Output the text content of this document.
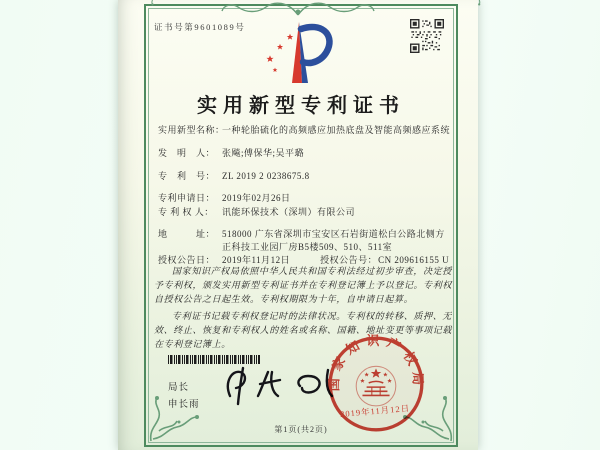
证书号第9601089号
实用新型专利证书
实用新型名称：
一种轮胎硫化的高频感应加热底盘及智能高频感应系统
发　明　人： 张飚;傅保华;吴平璐
专　利　号： ZL 2019 2 0238675.8
专利申请日： 2019年02月26日
专 利 权 人： 讯能环保技术（深圳）有限公司
地　　　址： 518000 广东省深圳市宝安区石岩街道松白公路北侧方正科技工业园厂房B5楼509、510、511室
授权公告日： 2019年11月12日	授权公告号： CN 209616155 U

国家知识产权局依照中华人民共和国专利法经过初步审查，决定授予专利权，颁发实用新型专利证书并在专利登记簿上予以登记。专利权自授权公告之日起生效。专利权期限为十年，自申请日起算。

专利证书记载专利权登记时的法律状况。专利权的转移、质押、无效、终止、恢复和专利权人的姓名或名称、国籍、地址变更等事项记载在专利登记簿上。

局长
申长雨
国家知识产权局
2019年11月12日
第1页(共2页)
